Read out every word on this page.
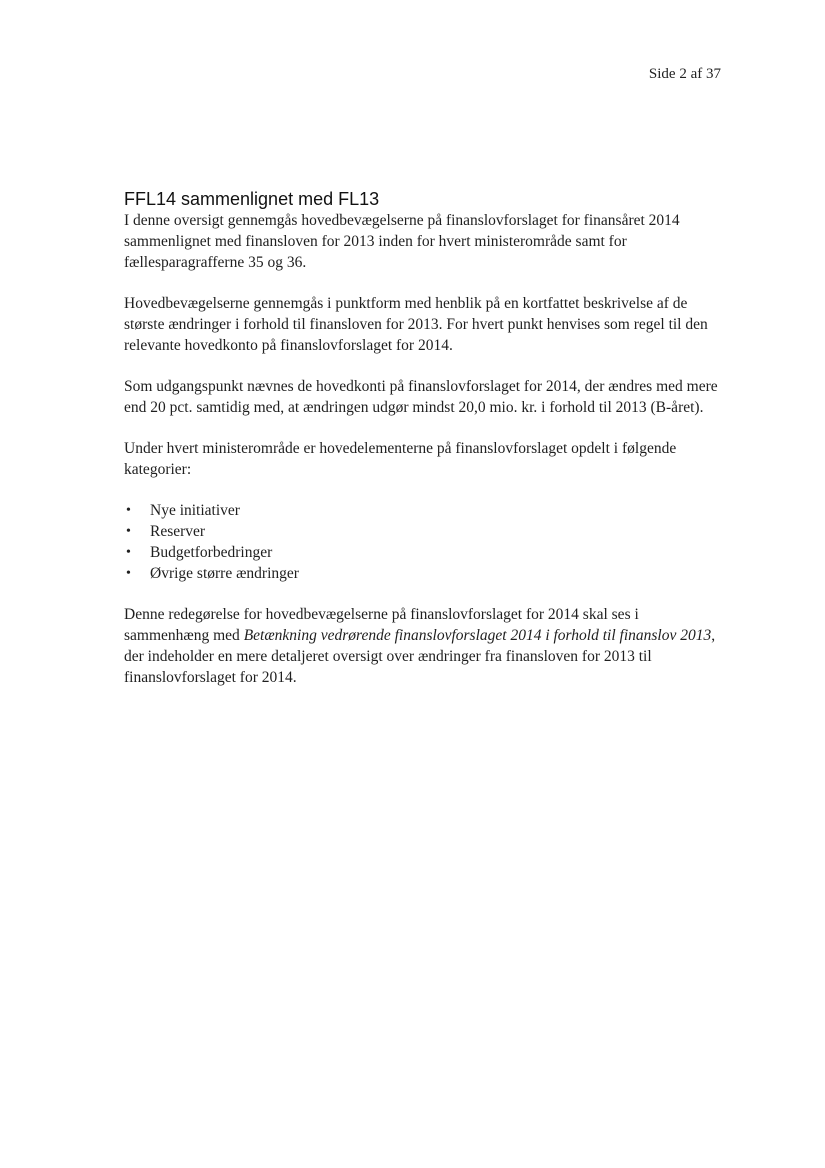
Side 2 af 37
FFL14 sammenlignet med FL13

I denne oversigt gennemgås hovedbevægelserne på finanslovforslaget for finansåret 2014 sammenlignet med finansloven for 2013 inden for hvert ministerområde samt for fællesparagrafferne 35 og 36.

Hovedbevægelserne gennemgås i punktform med henblik på en kortfattet beskrivelse af de største ændringer i forhold til finansloven for 2013. For hvert punkt henvises som regel til den relevante hovedkonto på finanslovforslaget for 2014.

Som udgangspunkt nævnes de hovedkonti på finanslovforslaget for 2014, der ændres med mere end 20 pct. samtidig med, at ændringen udgør mindst 20,0 mio. kr. i forhold til 2013 (B-året).

Under hvert ministerområde er hovedelementerne på finanslovforslaget opdelt i følgende kategorier:

• Nye initiativer
• Reserver
• Budgetforbedringer
• Øvrige større ændringer

Denne redegørelse for hovedbevægelserne på finanslovforslaget for 2014 skal ses i sammenhæng med Betænkning vedrørende finanslovforslaget 2014 i forhold til finanslov 2013, der indeholder en mere detaljeret oversigt over ændringer fra finansloven for 2013 til finanslovforslaget for 2014.
